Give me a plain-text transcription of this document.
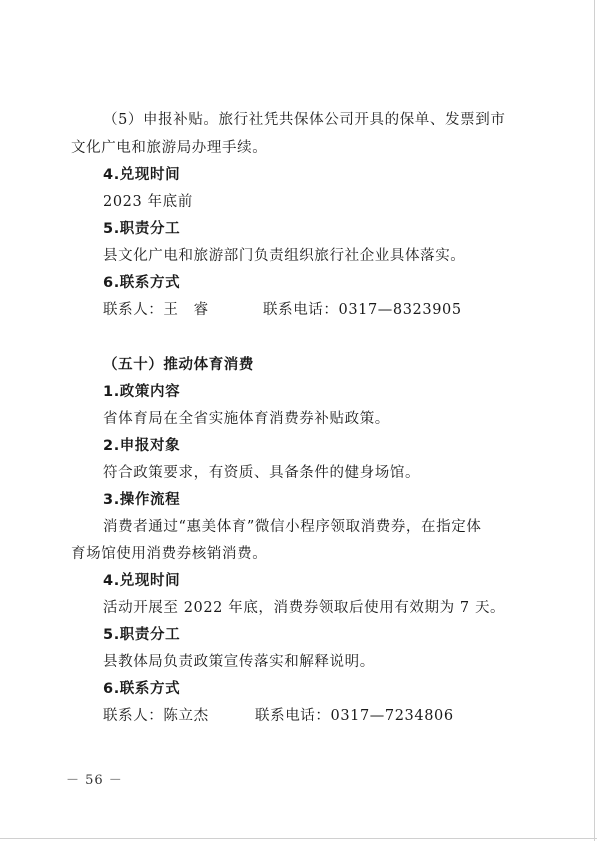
（5）申报补贴。旅行社凭共保体公司开具的保单、发票到市
文化广电和旅游局办理手续。
4.兑现时间
2023 年底前
5.职责分工
县文化广电和旅游部门负责组织旅行社企业具体落实。
6.联系方式
联系人：王　睿	联系电话：0317—8323905
（五十）推动体育消费
1.政策内容
省体育局在全省实施体育消费券补贴政策。
2.申报对象
符合政策要求，有资质、具备条件的健身场馆。
3.操作流程
消费者通过“惠美体育”微信小程序领取消费券，在指定体
育场馆使用消费券核销消费。
4.兑现时间
活动开展至 2022 年底，消费券领取后使用有效期为 7 天。
5.职责分工
县教体局负责政策宣传落实和解释说明。
6.联系方式
联系人：陈立杰	联系电话：0317—7234806
－ 56 －
